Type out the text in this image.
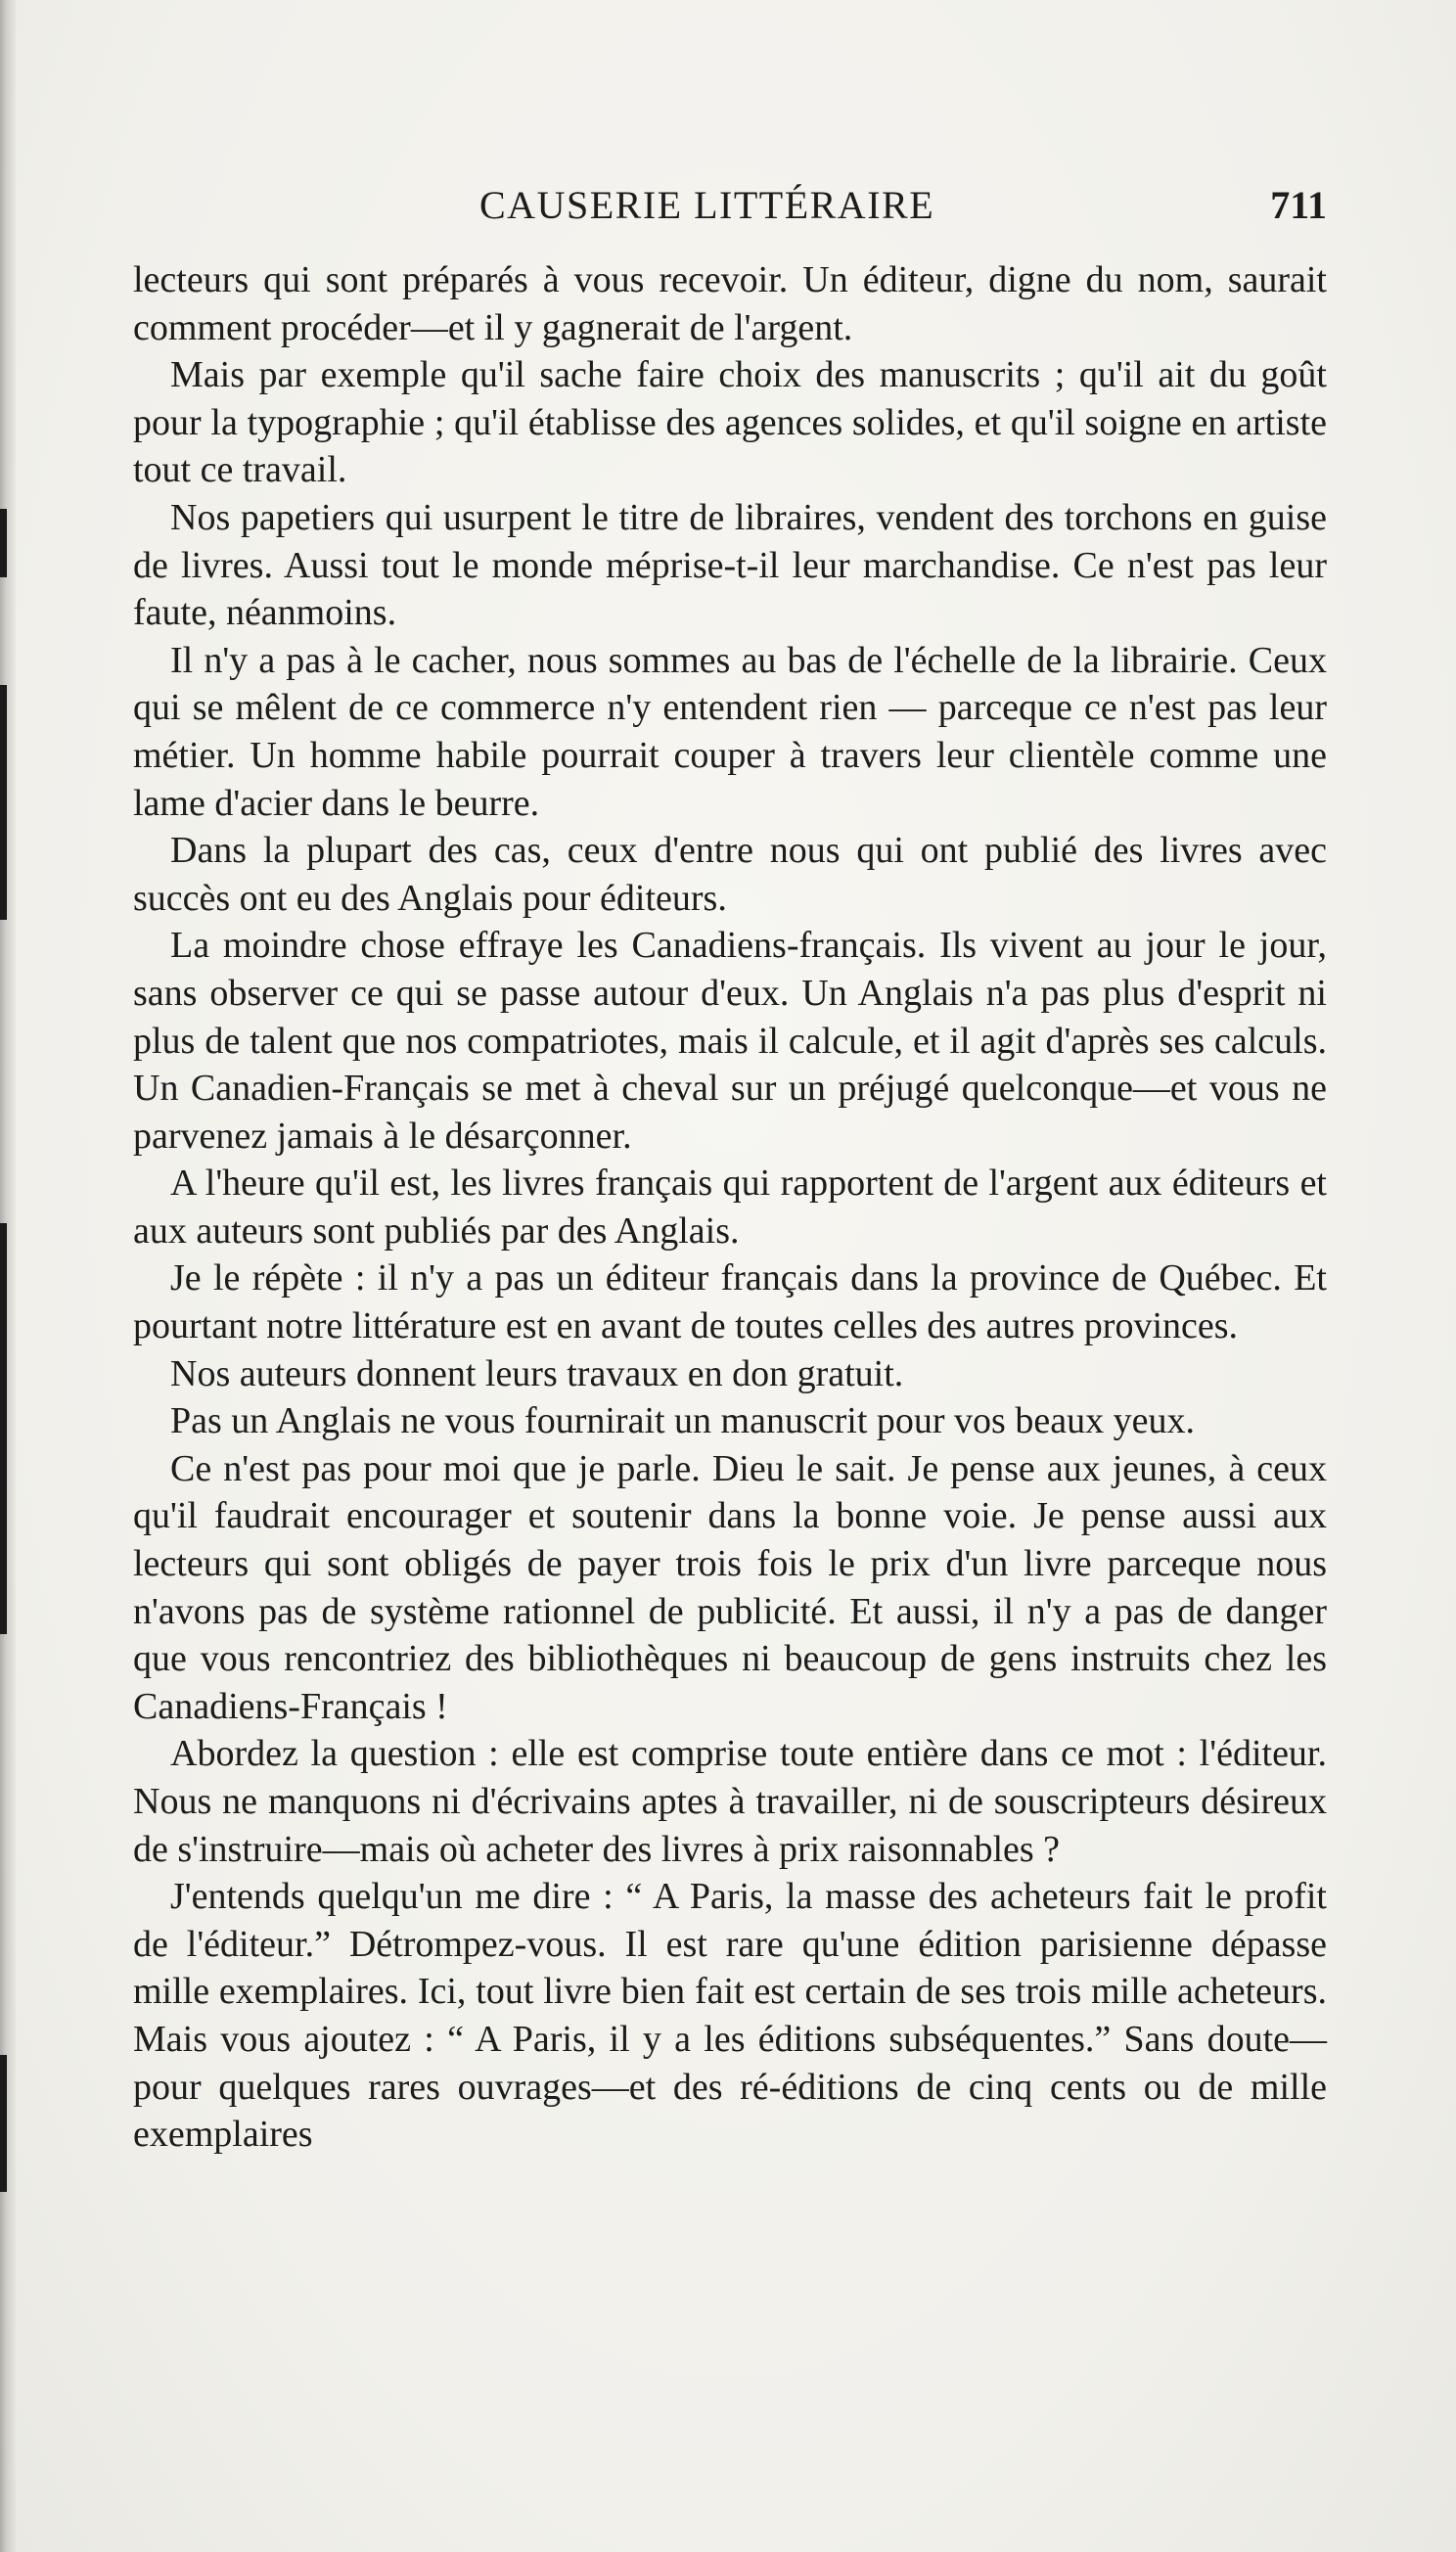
CAUSERIE LITTÉRAIRE	711

lecteurs qui sont préparés à vous recevoir. Un éditeur, digne du nom, saurait comment procéder—et il y gagnerait de l'argent.

Mais par exemple qu'il sache faire choix des manuscrits ; qu'il ait du goût pour la typographie ; qu'il établisse des agences solides, et qu'il soigne en artiste tout ce travail.

Nos papetiers qui usurpent le titre de libraires, vendent des torchons en guise de livres. Aussi tout le monde méprise-t-il leur marchandise. Ce n'est pas leur faute, néanmoins.

Il n'y a pas à le cacher, nous sommes au bas de l'échelle de la librairie. Ceux qui se mêlent de ce commerce n'y entendent rien — parceque ce n'est pas leur métier. Un homme habile pourrait couper à travers leur clientèle comme une lame d'acier dans le beurre.

Dans la plupart des cas, ceux d'entre nous qui ont publié des livres avec succès ont eu des Anglais pour éditeurs.

La moindre chose effraye les Canadiens-français. Ils vivent au jour le jour, sans observer ce qui se passe autour d'eux. Un Anglais n'a pas plus d'esprit ni plus de talent que nos compatriotes, mais il calcule, et il agit d'après ses calculs. Un Canadien-Français se met à cheval sur un préjugé quelconque—et vous ne parvenez jamais à le désarçonner.

A l'heure qu'il est, les livres français qui rapportent de l'argent aux éditeurs et aux auteurs sont publiés par des Anglais.

Je le répète : il n'y a pas un éditeur français dans la province de Québec. Et pourtant notre littérature est en avant de toutes celles des autres provinces.

Nos auteurs donnent leurs travaux en don gratuit.

Pas un Anglais ne vous fournirait un manuscrit pour vos beaux yeux.

Ce n'est pas pour moi que je parle. Dieu le sait. Je pense aux jeunes, à ceux qu'il faudrait encourager et soutenir dans la bonne voie. Je pense aussi aux lecteurs qui sont obligés de payer trois fois le prix d'un livre parceque nous n'avons pas de système rationnel de publicité. Et aussi, il n'y a pas de danger que vous rencontriez des bibliothèques ni beaucoup de gens instruits chez les Canadiens-Français !

Abordez la question : elle est comprise toute entière dans ce mot : l'éditeur. Nous ne manquons ni d'écrivains aptes à travailler, ni de souscripteurs désireux de s'instruire—mais où acheter des livres à prix raisonnables ?

J'entends quelqu'un me dire : “ A Paris, la masse des acheteurs fait le profit de l'éditeur.” Détrompez-vous. Il est rare qu'une édition parisienne dépasse mille exemplaires. Ici, tout livre bien fait est certain de ses trois mille acheteurs. Mais vous ajoutez : “ A Paris, il y a les éditions subséquentes.” Sans doute—pour quelques rares ouvrages—et des ré-éditions de cinq cents ou de mille exemplaires
